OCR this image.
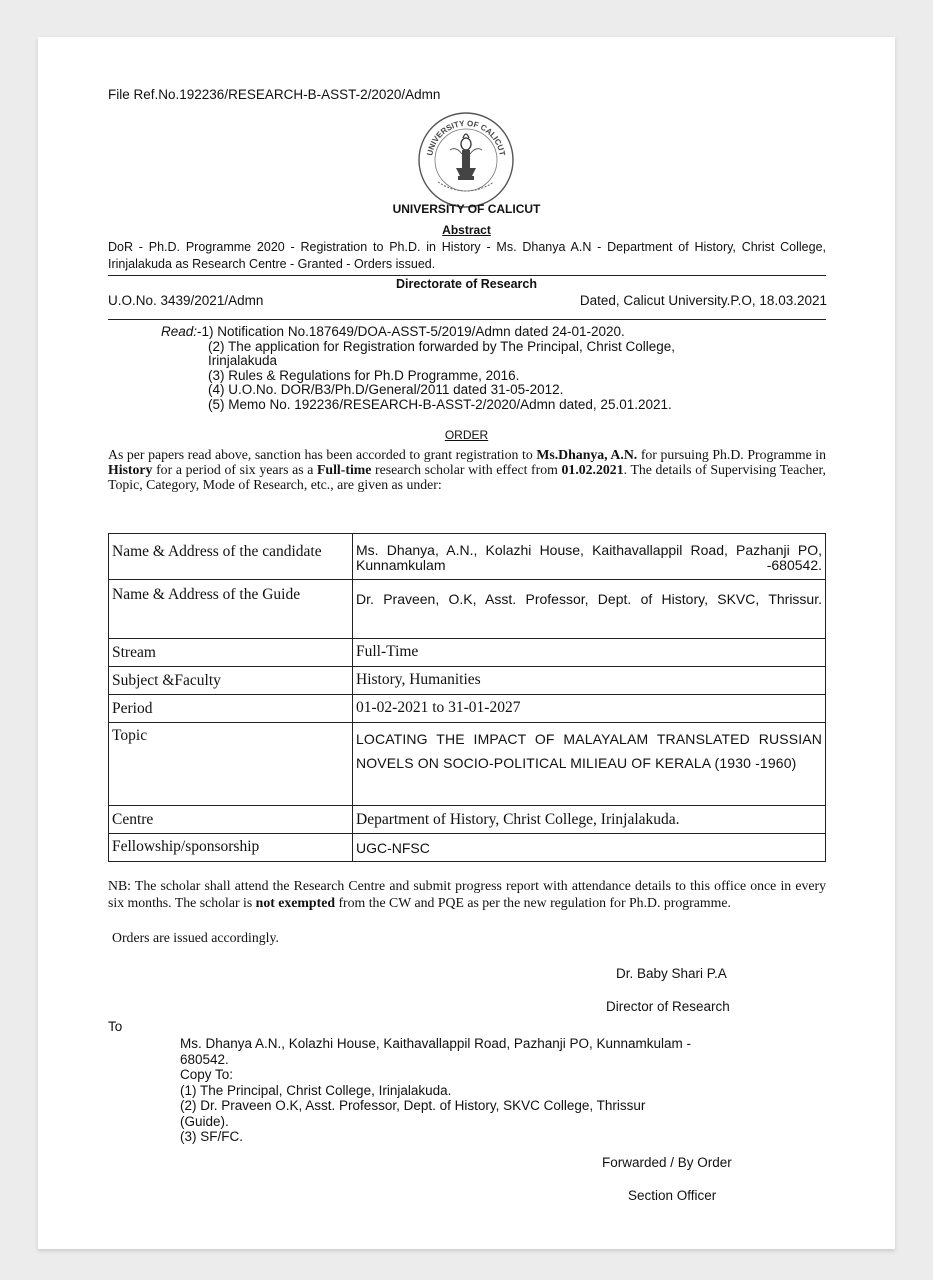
File Ref.No.192236/RESEARCH-B-ASST-2/2020/Admn
UNIVERSITY OF CALICUT
UNIVERSITY OF CALICUT
Abstract
DoR - Ph.D. Programme 2020 - Registration to Ph.D. in History - Ms. Dhanya A.N - Department of History, Christ College, Irinjalakuda as Research Centre - Granted - Orders issued.
Directorate of Research
U.O.No. 3439/2021/Admn	Dated, Calicut University.P.O, 18.03.2021
Read:-1) Notification No.187649/DOA-ASST-5/2019/Admn dated 24-01-2020.
(2) The application for Registration forwarded by The Principal, Christ College,
Irinjalakuda
(3) Rules & Regulations for Ph.D Programme, 2016.
(4) U.O.No. DOR/B3/Ph.D/General/2011 dated 31-05-2012.
(5) Memo No. 192236/RESEARCH-B-ASST-2/2020/Admn dated, 25.01.2021.
ORDER
As per papers read above, sanction has been accorded to grant registration to Ms.Dhanya, A.N. for pursuing Ph.D. Programme in History for a period of six years as a Full-time research scholar with effect from 01.02.2021. The details of Supervising Teacher, Topic, Category, Mode of Research, etc., are given as under:
Name & Address of the candidate	Ms. Dhanya, A.N., Kolazhi House, Kaithavallappil Road, Pazhanji PO, Kunnamkulam -680542.
Name & Address of the Guide	Dr. Praveen, O.K, Asst. Professor, Dept. of History, SKVC, Thrissur.
Stream	Full-Time
Subject &Faculty	History, Humanities
Period	01-02-2021 to 31-01-2027
Topic	LOCATING THE IMPACT OF MALAYALAM TRANSLATED RUSSIAN NOVELS ON SOCIO-POLITICAL MILIEAU OF KERALA (1930 -1960)
Centre	Department of History, Christ College, Irinjalakuda.
Fellowship/sponsorship	UGC-NFSC
NB: The scholar shall attend the Research Centre and submit progress report with attendance details to this office once in every six months. The scholar is not exempted from the CW and PQE as per the new regulation for Ph.D. programme.
Orders are issued accordingly.
Dr. Baby Shari P.A
Director of Research
To
Ms. Dhanya A.N., Kolazhi House, Kaithavallappil Road, Pazhanji PO, Kunnamkulam -
680542.
Copy To:
(1) The Principal, Christ College, Irinjalakuda.
(2) Dr. Praveen O.K, Asst. Professor, Dept. of History, SKVC College, Thrissur
(Guide).
(3) SF/FC.
Forwarded / By Order
Section Officer
